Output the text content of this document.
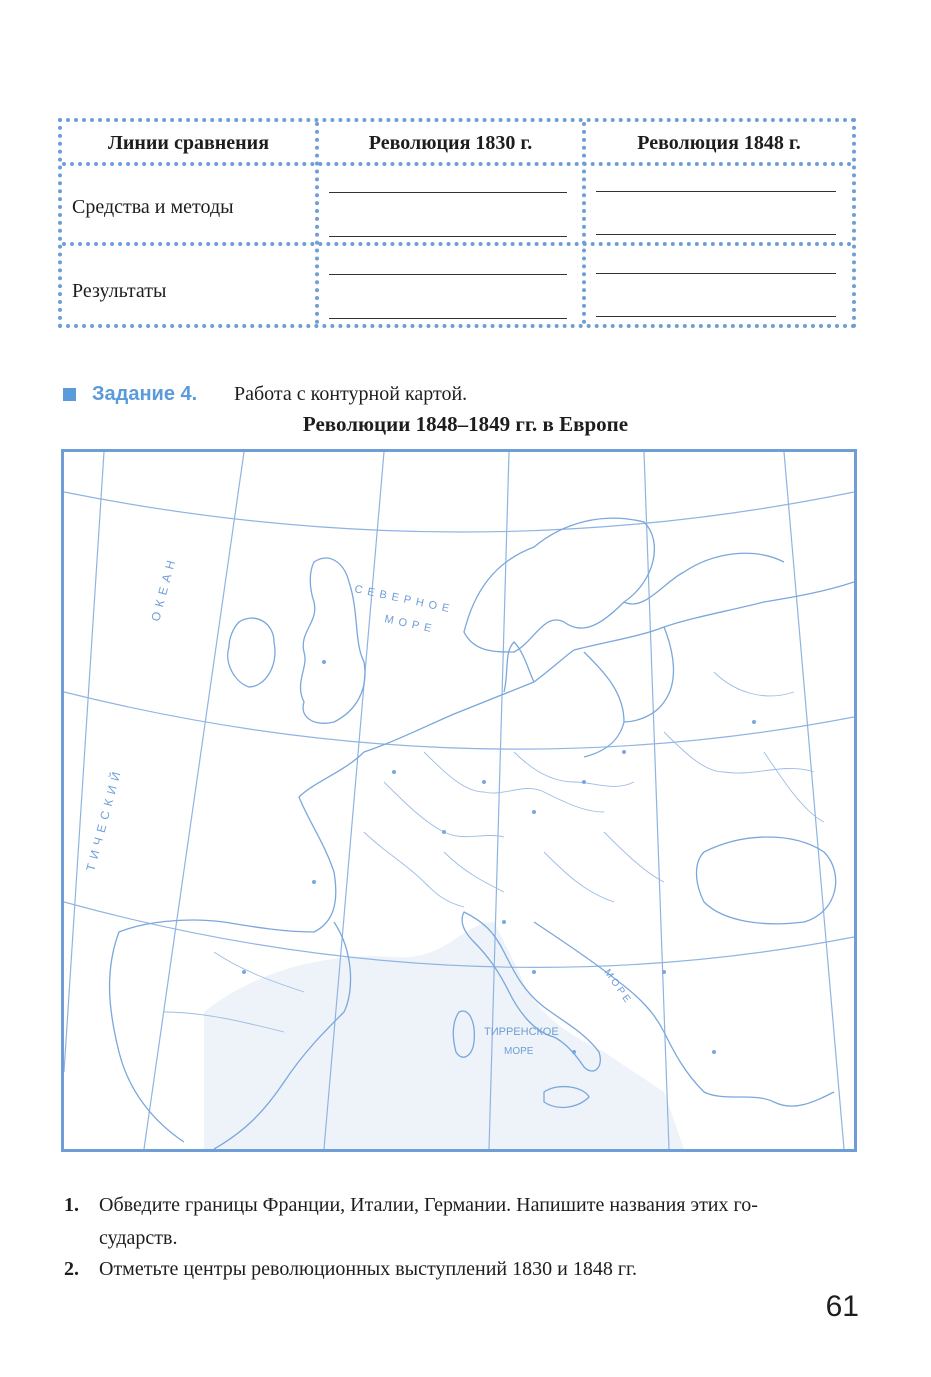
Линии сравнения	Революция 1830 г.	Революция 1848 г.
Средства и методы
Результаты
Задание 4. Работа с контурной картой.
Революции 1848–1849 гг. в Европе
Т И Ч Е С К И Й
О К Е А Н	С Е В Е Р Н О Е
М О Р Е
ТИРРЕНСКОЕ
МОРЕ
М О Р Е
1. Обведите границы Франции, Италии, Германии. Напишите названия этих го-
сударств.
2. Отметьте центры революционных выступлений 1830 и 1848 гг.
61
